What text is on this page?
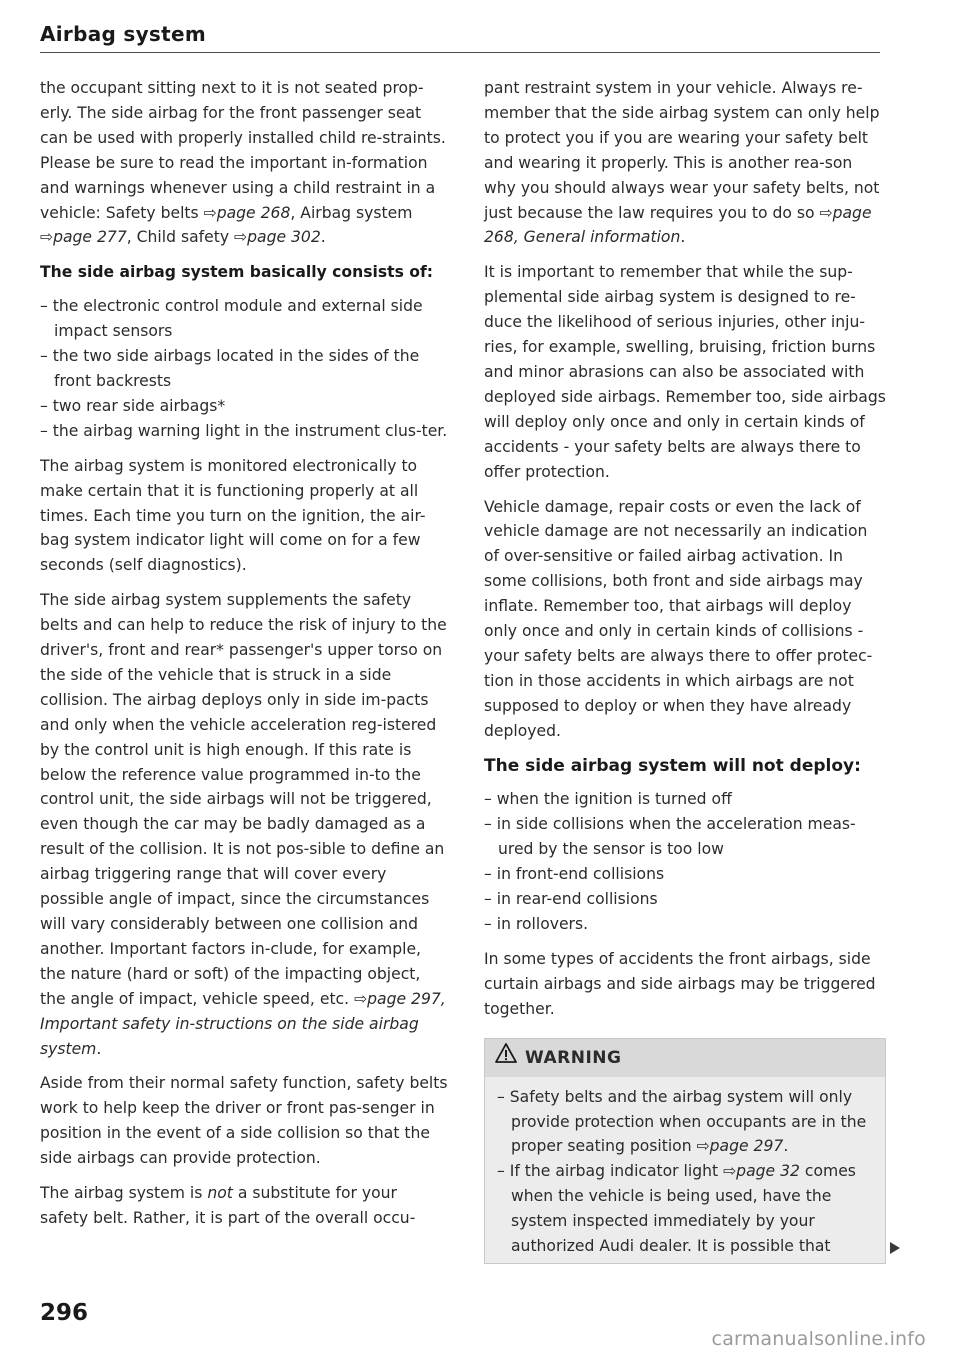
Airbag system

the occupant sitting next to it is not seated prop-erly. The side airbag for the front passenger seat can be used with properly installed child re-straints. Please be sure to read the important in-formation and warnings whenever using a child restraint in a vehicle: Safety belts ⇨page 268, Airbag system ⇨page 277, Child safety ⇨page 302.

The side airbag system basically consists of:
– the electronic control module and external side impact sensors
– the two side airbags located in the sides of the front backrests
– two rear side airbags*
– the airbag warning light in the instrument clus-ter.

The airbag system is monitored electronically to make certain that it is functioning properly at all times. Each time you turn on the ignition, the air-bag system indicator light will come on for a few seconds (self diagnostics).

The side airbag system supplements the safety belts and can help to reduce the risk of injury to the driver's, front and rear* passenger's upper torso on the side of the vehicle that is struck in a side collision. The airbag deploys only in side im-pacts and only when the vehicle acceleration reg-istered by the control unit is high enough. If this rate is below the reference value programmed in-to the control unit, the side airbags will not be triggered, even though the car may be badly damaged as a result of the collision. It is not pos-sible to define an airbag triggering range that will cover every possible angle of impact, since the circumstances will vary considerably between one collision and another. Important factors in-clude, for example, the nature (hard or soft) of the impacting object, the angle of impact, vehicle speed, etc. ⇨page 297, Important safety in-structions on the side airbag system.

Aside from their normal safety function, safety belts work to help keep the driver or front pas-senger in position in the event of a side collision so that the side airbags can provide protection.

The airbag system is not a substitute for your safety belt. Rather, it is part of the overall occu-

pant restraint system in your vehicle. Always re-member that the side airbag system can only help to protect you if you are wearing your safety belt and wearing it properly. This is another rea-son why you should always wear your safety belts, not just because the law requires you to do so ⇨page 268, General information.

It is important to remember that while the sup-plemental side airbag system is designed to re-duce the likelihood of serious injuries, other inju-ries, for example, swelling, bruising, friction burns and minor abrasions can also be associated with deployed side airbags. Remember too, side airbags will deploy only once and only in certain kinds of accidents - your safety belts are always there to offer protection.

Vehicle damage, repair costs or even the lack of vehicle damage are not necessarily an indication of over-sensitive or failed airbag activation. In some collisions, both front and side airbags may inflate. Remember too, that airbags will deploy only once and only in certain kinds of collisions - your safety belts are always there to offer protec-tion in those accidents in which airbags are not supposed to deploy or when they have already deployed.

The side airbag system will not deploy:
– when the ignition is turned off
– in side collisions when the acceleration meas-ured by the sensor is too low
– in front-end collisions
– in rear-end collisions
– in rollovers.

In some types of accidents the front airbags, side curtain airbags and side airbags may be triggered together.

WARNING
– Safety belts and the airbag system will only provide protection when occupants are in the proper seating position ⇨page 297.
– If the airbag indicator light ⇨page 32 comes when the vehicle is being used, have the system inspected immediately by your authorized Audi dealer. It is possible that
296
carmanualsonline.info
